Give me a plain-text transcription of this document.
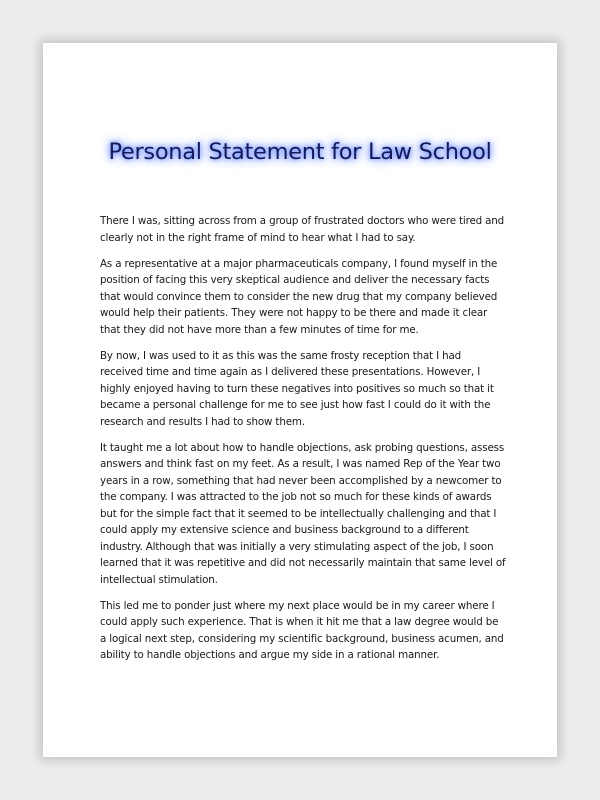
Personal Statement for Law School

There I was, sitting across from a group of frustrated doctors who were tired and clearly not in the right frame of mind to hear what I had to say.

As a representative at a major pharmaceuticals company, I found myself in the position of facing this very skeptical audience and deliver the necessary facts that would convince them to consider the new drug that my company believed would help their patients. They were not happy to be there and made it clear that they did not have more than a few minutes of time for me.

By now, I was used to it as this was the same frosty reception that I had received time and time again as I delivered these presentations. However, I highly enjoyed having to turn these negatives into positives so much so that it became a personal challenge for me to see just how fast I could do it with the research and results I had to show them.

It taught me a lot about how to handle objections, ask probing questions, assess answers and think fast on my feet. As a result, I was named Rep of the Year two years in a row, something that had never been accomplished by a newcomer to the company. I was attracted to the job not so much for these kinds of awards but for the simple fact that it seemed to be intellectually challenging and that I could apply my extensive science and business background to a different industry. Although that was initially a very stimulating aspect of the job, I soon learned that it was repetitive and did not necessarily maintain that same level of intellectual stimulation.

This led me to ponder just where my next place would be in my career where I could apply such experience. That is when it hit me that a law degree would be a logical next step, considering my scientific background, business acumen, and ability to handle objections and argue my side in a rational manner.
